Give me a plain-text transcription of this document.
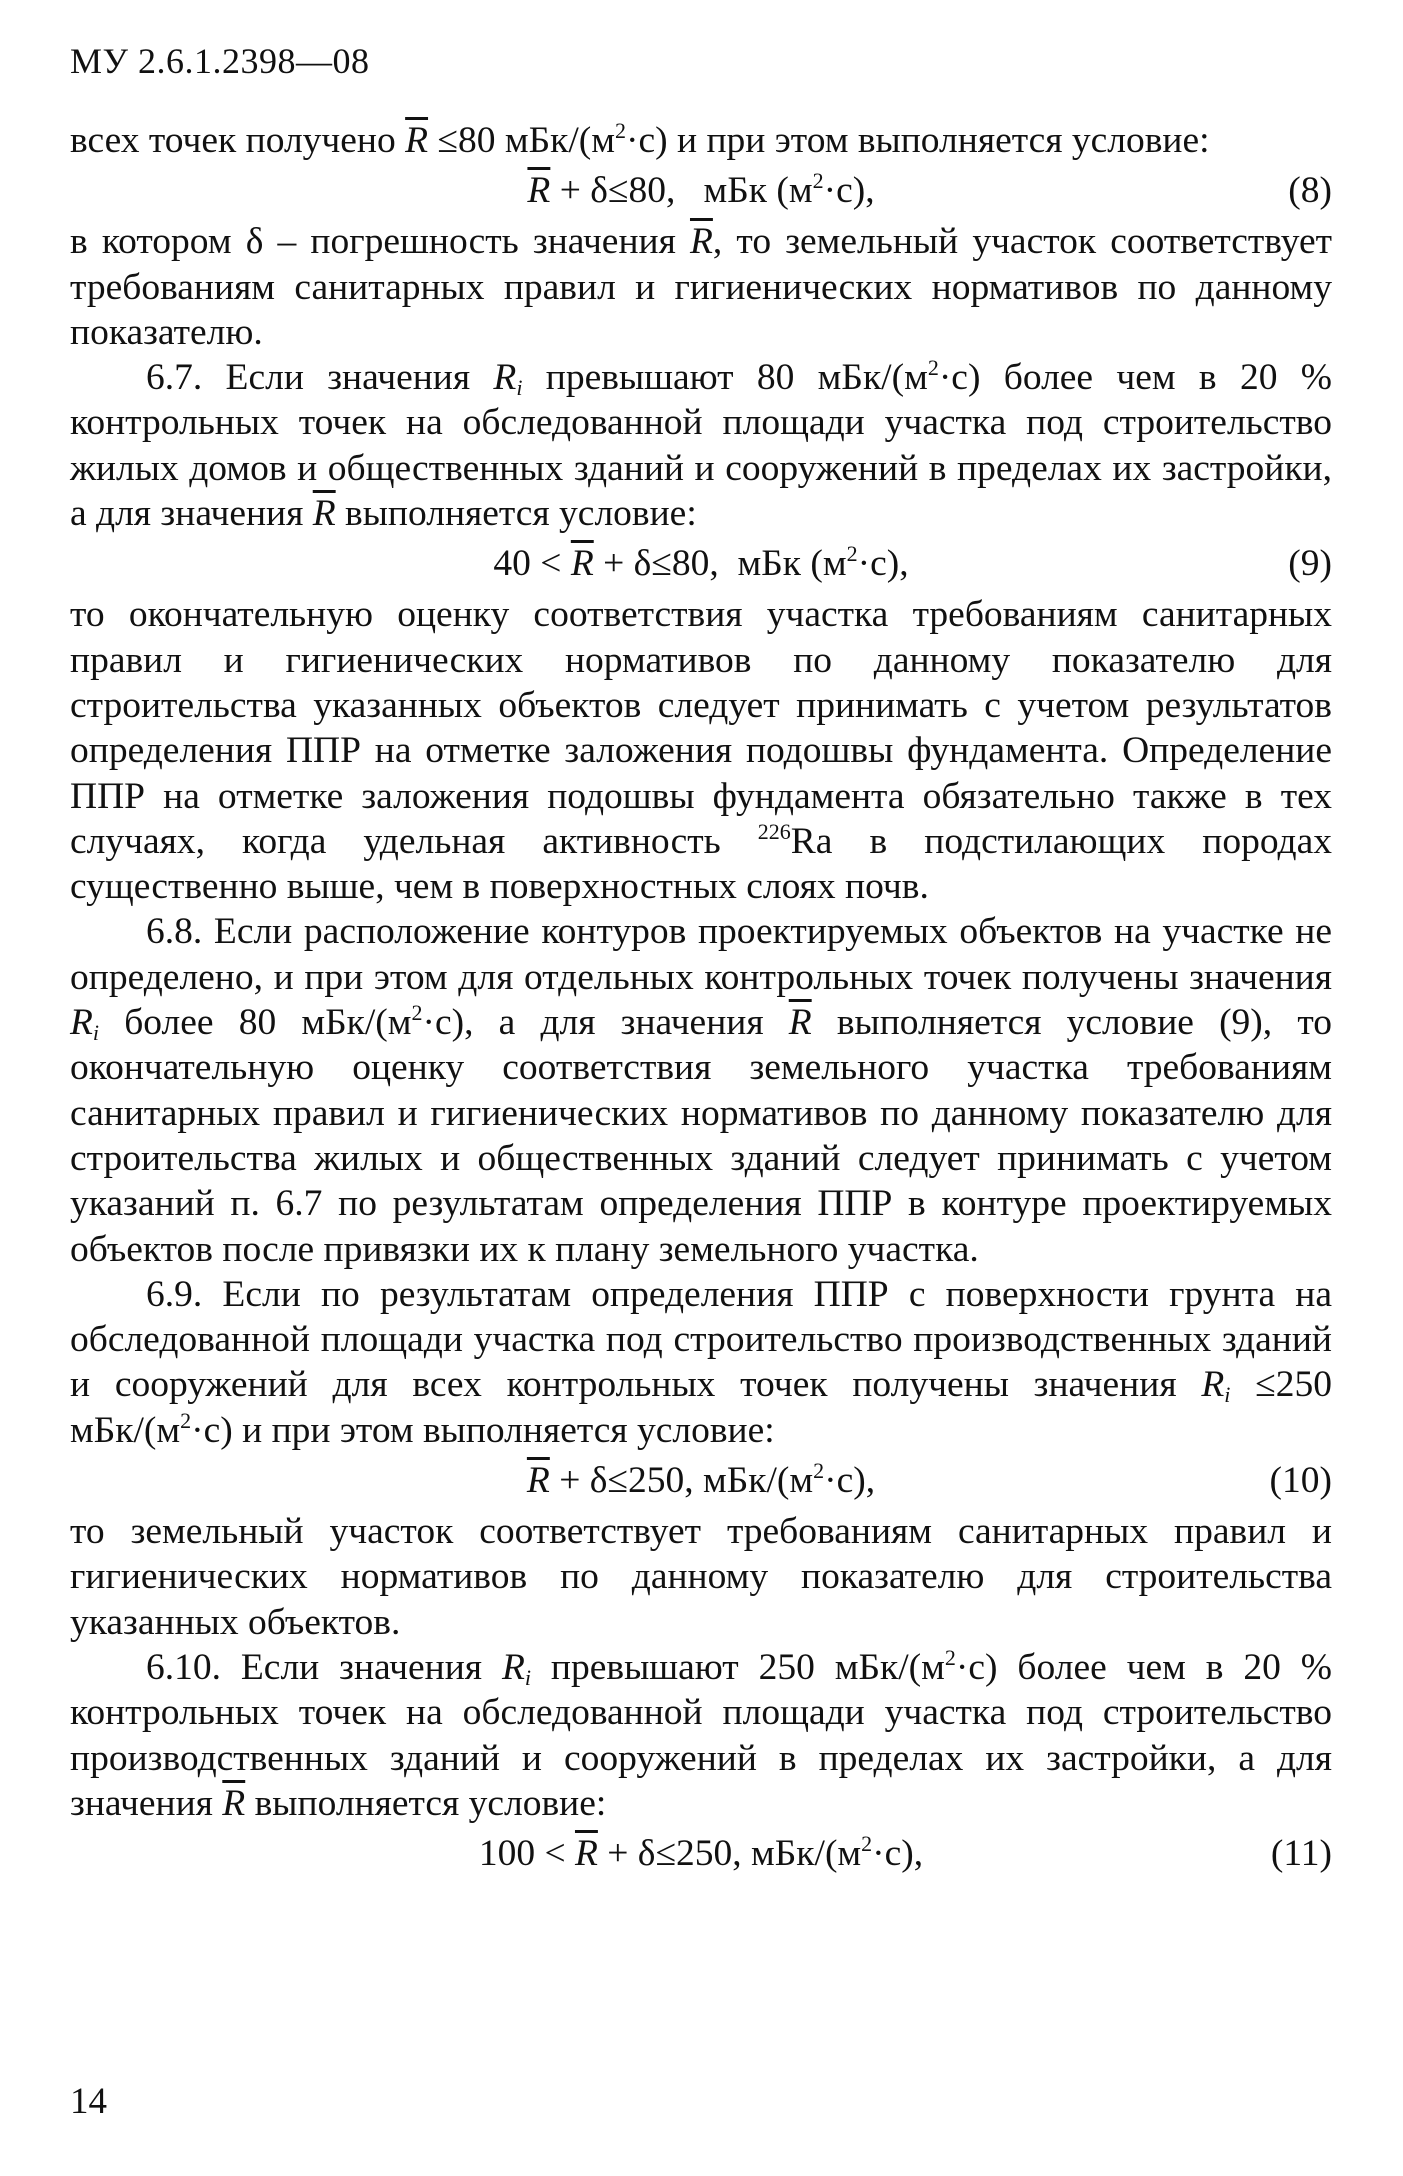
МУ 2.6.1.2398—08

всех точек получено $\overline{R} \le 80$ мБк/$(м^2\cdot с)$ и при этом выполняется условие:

$\overline{R} + \delta\le 80$,   мБк $(м^2\cdot с)$,	(8)

в котором δ – погрешность значения $\overline{R}$, то земельный участок соответствует требованиям санитарных правил и гигиенических нормативов по данному показателю.

6.7. Если значения $R_i$ превышают 80 мБк/$(м^2\cdot с)$ более чем в 20 % контрольных точек на обследованной площади участка под строительство жилых домов и общественных зданий и сооружений в пределах их застройки, а для значения $\overline{R}$ выполняется условие:

$40 < \overline{R} + \delta\le 80$,  мБк $(м^2\cdot с)$,	(9)

то окончательную оценку соответствия участка требованиям санитарных правил и гигиенических нормативов по данному показателю для строительства указанных объектов следует принимать с учетом результатов определения ППР на отметке заложения подошвы фундамента. Определение ППР на отметке заложения подошвы фундамента обязательно также в тех случаях, когда удельная активность $^{226}$Ra в подстилающих породах существенно выше, чем в поверхностных слоях почв.

6.8. Если расположение контуров проектируемых объектов на участке не определено, и при этом для отдельных контрольных точек получены значения $R_i$ более 80 мБк/$(м^2\cdot с)$, а для значения $\overline{R}$ выполняется условие (9), то окончательную оценку соответствия земельного участка требованиям санитарных правил и гигиенических нормативов по данному показателю для строительства жилых и общественных зданий следует принимать с учетом указаний п. 6.7 по результатам определения ППР в контуре проектируемых объектов после привязки их к плану земельного участка.

6.9. Если по результатам определения ППР с поверхности грунта на обследованной площади участка под строительство производственных зданий и сооружений для всех контрольных точек получены значения $R_i \le 250$ мБк/$(м^2\cdot с)$ и при этом выполняется условие:

$\overline{R} + \delta\le 250$, мБк/$(м^2\cdot с)$,	(10)

то земельный участок соответствует требованиям санитарных правил и гигиенических нормативов по данному показателю для строительства указанных объектов.

6.10. Если значения $R_i$ превышают 250 мБк/$(м^2\cdot с)$ более чем в 20 % контрольных точек на обследованной площади участка под строительство производственных зданий и сооружений в пределах их застройки, а для значения $\overline{R}$ выполняется условие:

$100 < \overline{R} + \delta\le 250$, мБк/$(м^2\cdot с)$,	(11)
14
